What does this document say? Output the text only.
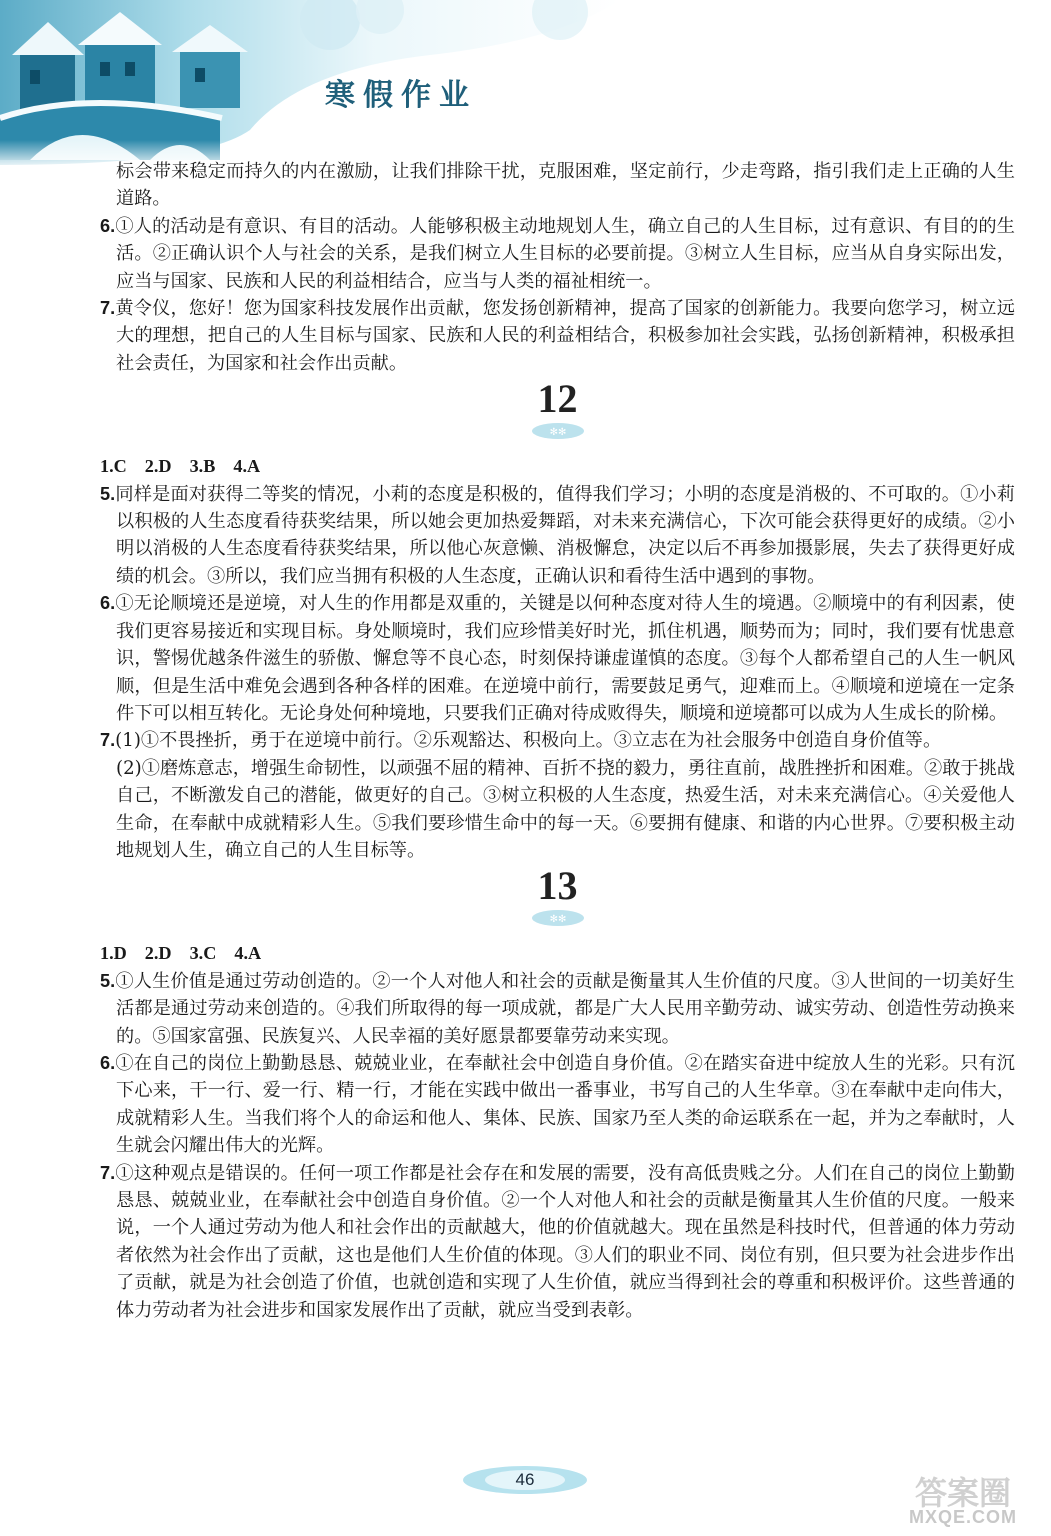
寒假作业

标会带来稳定而持久的内在激励，让我们排除干扰，克服困难，坚定前行，少走弯路，指引我们走上正确的人生道路。

6.①人的活动是有意识、有目的活动。人能够积极主动地规划人生，确立自己的人生目标，过有意识、有目的的生活。②正确认识个人与社会的关系，是我们树立人生目标的必要前提。③树立人生目标，应当从自身实际出发，应当与国家、民族和人民的利益相结合，应当与人类的福祉相统一。

7.黄令仪，您好！您为国家科技发展作出贡献，您发扬创新精神，提高了国家的创新能力。我要向您学习，树立远大的理想，把自己的人生目标与国家、民族和人民的利益相结合，积极参加社会实践，弘扬创新精神，积极承担社会责任，为国家和社会作出贡献。

12
✻✻

1.C 2.D 3.B 4.A

5.同样是面对获得二等奖的情况，小莉的态度是积极的，值得我们学习；小明的态度是消极的、不可取的。①小莉以积极的人生态度看待获奖结果，所以她会更加热爱舞蹈，对未来充满信心，下次可能会获得更好的成绩。②小明以消极的人生态度看待获奖结果，所以他心灰意懒、消极懈怠，决定以后不再参加摄影展，失去了获得更好成绩的机会。③所以，我们应当拥有积极的人生态度，正确认识和看待生活中遇到的事物。

6.①无论顺境还是逆境，对人生的作用都是双重的，关键是以何种态度对待人生的境遇。②顺境中的有利因素，使我们更容易接近和实现目标。身处顺境时，我们应珍惜美好时光，抓住机遇，顺势而为；同时，我们要有忧患意识，警惕优越条件滋生的骄傲、懈怠等不良心态，时刻保持谦虚谨慎的态度。③每个人都希望自己的人生一帆风顺，但是生活中难免会遇到各种各样的困难。在逆境中前行，需要鼓足勇气，迎难而上。④顺境和逆境在一定条件下可以相互转化。无论身处何种境地，只要我们正确对待成败得失，顺境和逆境都可以成为人生成长的阶梯。

7.(1)①不畏挫折，勇于在逆境中前行。②乐观豁达、积极向上。③立志在为社会服务中创造自身价值等。

(2)①磨炼意志，增强生命韧性，以顽强不屈的精神、百折不挠的毅力，勇往直前，战胜挫折和困难。②敢于挑战自己，不断激发自己的潜能，做更好的自己。③树立积极的人生态度，热爱生活，对未来充满信心。④关爱他人生命，在奉献中成就精彩人生。⑤我们要珍惜生命中的每一天。⑥要拥有健康、和谐的内心世界。⑦要积极主动地规划人生，确立自己的人生目标等。

13
✻✻

1.D 2.D 3.C 4.A

5.①人生价值是通过劳动创造的。②一个人对他人和社会的贡献是衡量其人生价值的尺度。③人世间的一切美好生活都是通过劳动来创造的。④我们所取得的每一项成就，都是广大人民用辛勤劳动、诚实劳动、创造性劳动换来的。⑤国家富强、民族复兴、人民幸福的美好愿景都要靠劳动来实现。

6.①在自己的岗位上勤勤恳恳、兢兢业业，在奉献社会中创造自身价值。②在踏实奋进中绽放人生的光彩。只有沉下心来，干一行、爱一行、精一行，才能在实践中做出一番事业，书写自己的人生华章。③在奉献中走向伟大，成就精彩人生。当我们将个人的命运和他人、集体、民族、国家乃至人类的命运联系在一起，并为之奉献时，人生就会闪耀出伟大的光辉。

7.①这种观点是错误的。任何一项工作都是社会存在和发展的需要，没有高低贵贱之分。人们在自己的岗位上勤勤恳恳、兢兢业业，在奉献社会中创造自身价值。②一个人对他人和社会的贡献是衡量其人生价值的尺度。一般来说，一个人通过劳动为他人和社会作出的贡献越大，他的价值就越大。现在虽然是科技时代，但普通的体力劳动者依然为社会作出了贡献，这也是他们人生价值的体现。③人们的职业不同、岗位有别，但只要为社会进步作出了贡献，就是为社会创造了价值，也就创造和实现了人生价值，就应当得到社会的尊重和积极评价。这些普通的体力劳动者为社会进步和国家发展作出了贡献，就应当受到表彰。

46	答案圈
MXQE.COM
